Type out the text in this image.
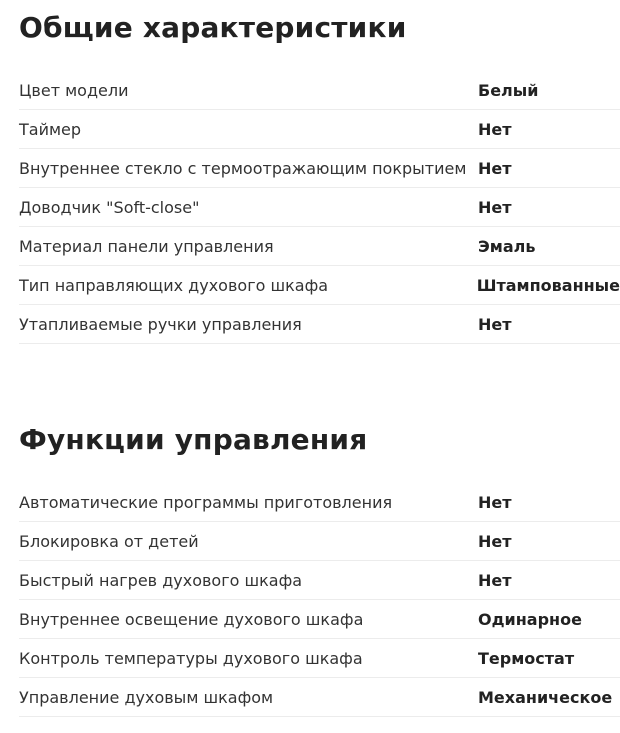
Общие характеристики
Цвет модели	Белый
Таймер	Нет
Внутреннее стекло с термоотражающим покрытием Нет
Доводчик "Soft-close"	Нет
Материал панели управления	Эмаль
Тип направляющих духового шкафа	Штампованные
Утапливаемые ручки управления	Нет
Функции управления
Автоматические программы приготовления	Нет
Блокировка от детей	Нет
Быстрый нагрев духового шкафа	Нет
Внутреннее освещение духового шкафа	Одинарное
Контроль температуры духового шкафа	Термостат
Управление духовым шкафом	Механическое
